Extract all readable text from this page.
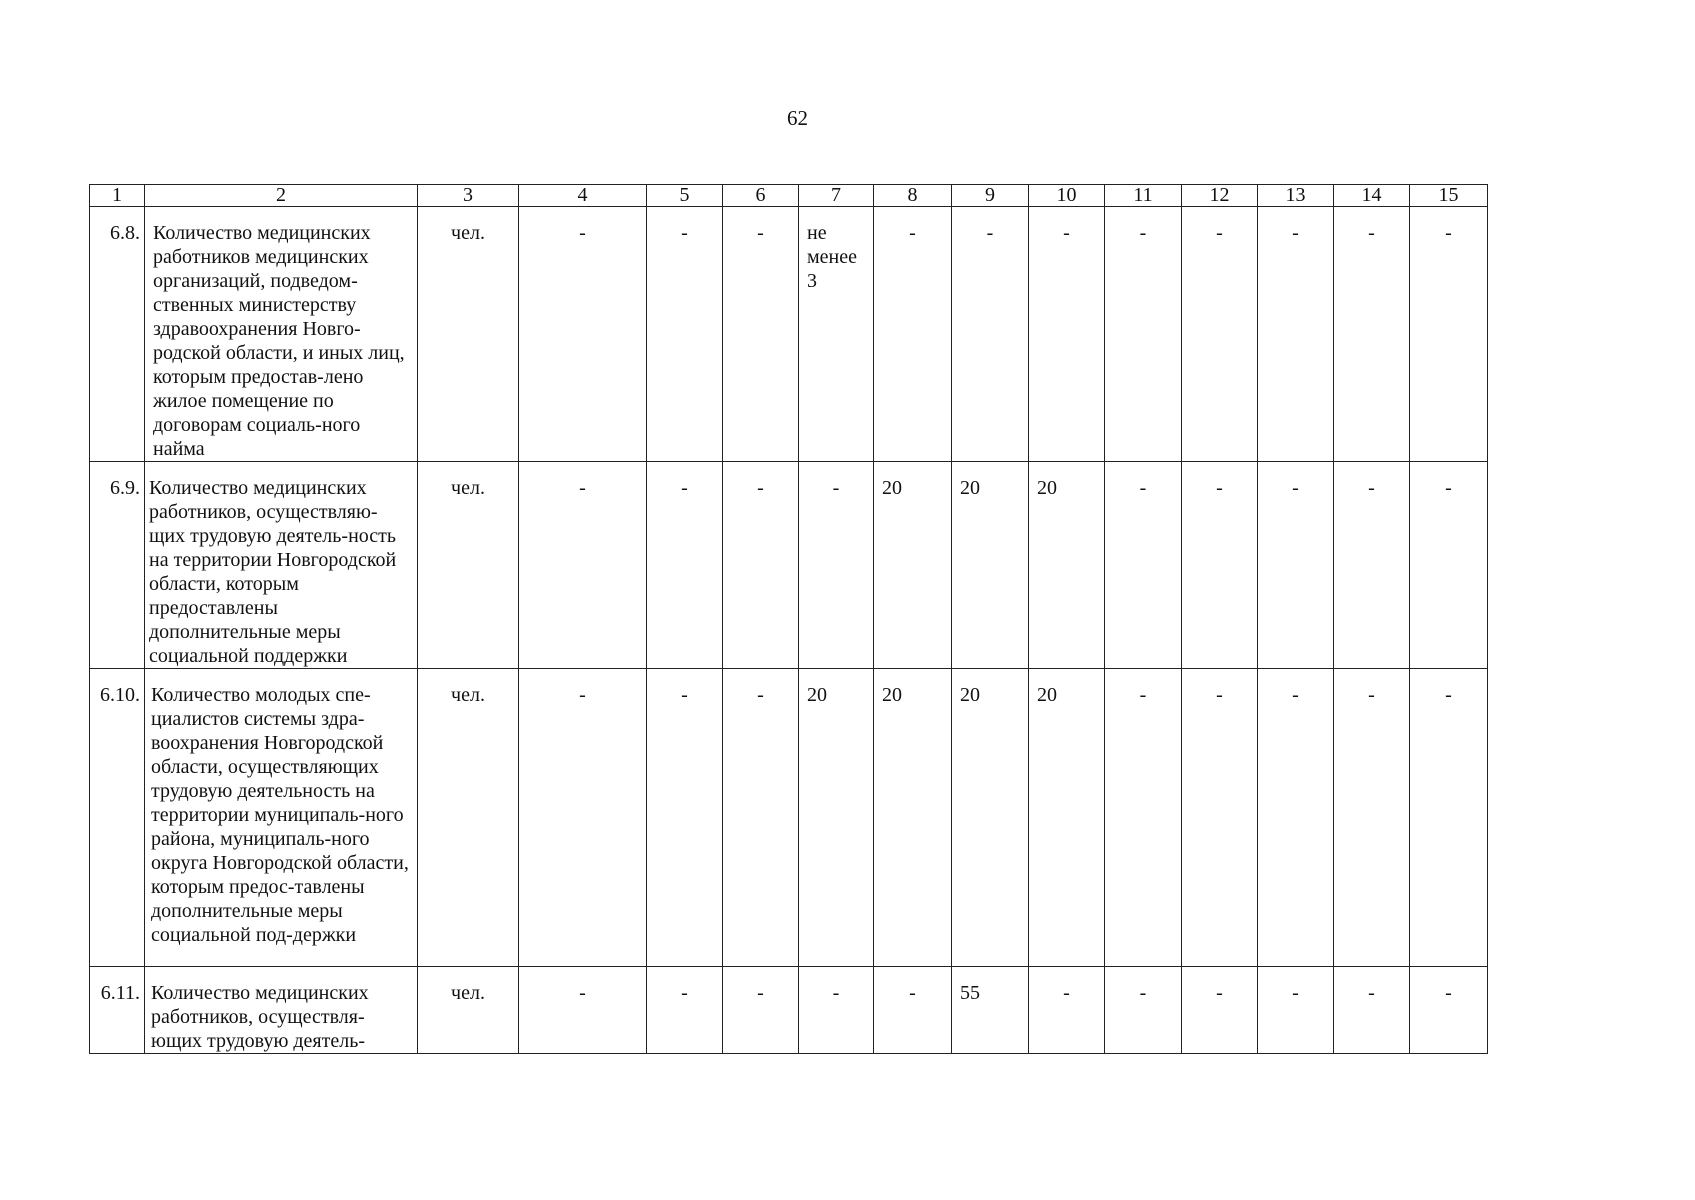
62
1	2	3	4	5	6	7	8	9	10	11	12	13	14	15
6.8.	Количество медицинских работников медицинских организаций, подведом-ственных министерству здравоохранения Новго-родской области, и иных лиц, которым предостав-лено жилое помещение по договорам социаль-ного найма	чел.	-	-	-	не менее 3	-	-	-	-	-	-	-	-
6.9.	Количество медицинских работников, осуществляю-щих трудовую деятель-ность на территории Новгородской области, которым предоставлены дополнительные меры социальной поддержки	чел.	-	-	-	-	20	20	20	-	-	-	-	-
6.10.	Количество молодых спе-циалистов системы здра-воохранения Новгородской области, осуществляющих трудовую деятельность на территории муниципаль-ного района, муниципаль-ного округа Новгородской области, которым предос-тавлены дополнительные меры социальной под-держки	чел.	-	-	-	20	20	20	20	-	-	-	-	-
6.11.	Количество медицинских работников, осуществля-ющих трудовую деятель-	чел.	-	-	-	-	-	55	-	-	-	-	-	-
